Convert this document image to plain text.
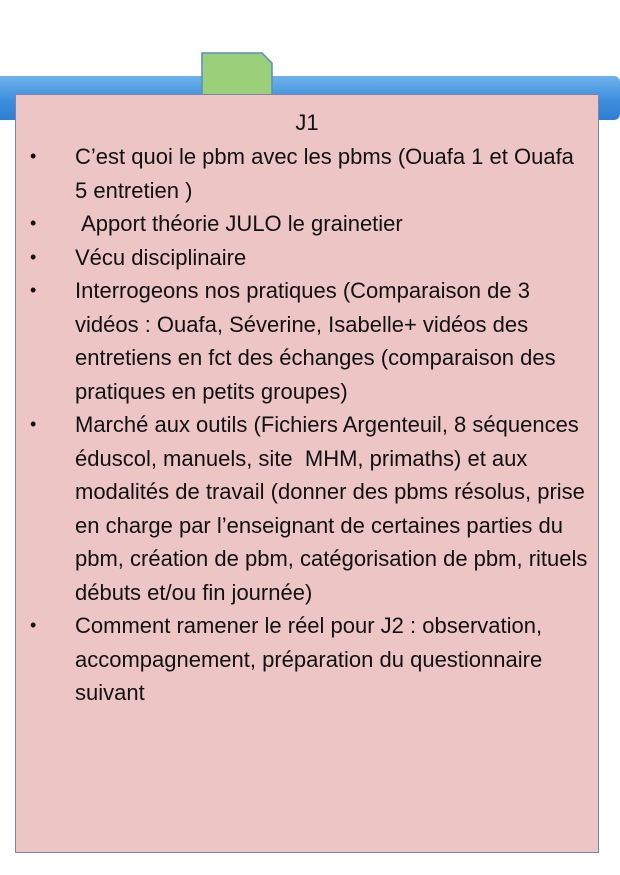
J1
• C’est quoi le pbm avec les pbms (Ouafa 1 et Ouafa 5 entretien )
• Apport théorie JULO le grainetier
• Vécu disciplinaire
• Interrogeons nos pratiques (Comparaison de 3 vidéos : Ouafa, Séverine, Isabelle+ vidéos des entretiens en fct des échanges (comparaison des pratiques en petits groupes)
• Marché aux outils (Fichiers Argenteuil, 8 séquences éduscol, manuels, site  MHM, primaths) et aux modalités de travail (donner des pbms résolus, prise en charge par l’enseignant de certaines parties du pbm, création de pbm, catégorisation de pbm, rituels débuts et/ou fin journée)
• Comment ramener le réel pour J2 : observation, accompagnement, préparation du questionnaire suivant
